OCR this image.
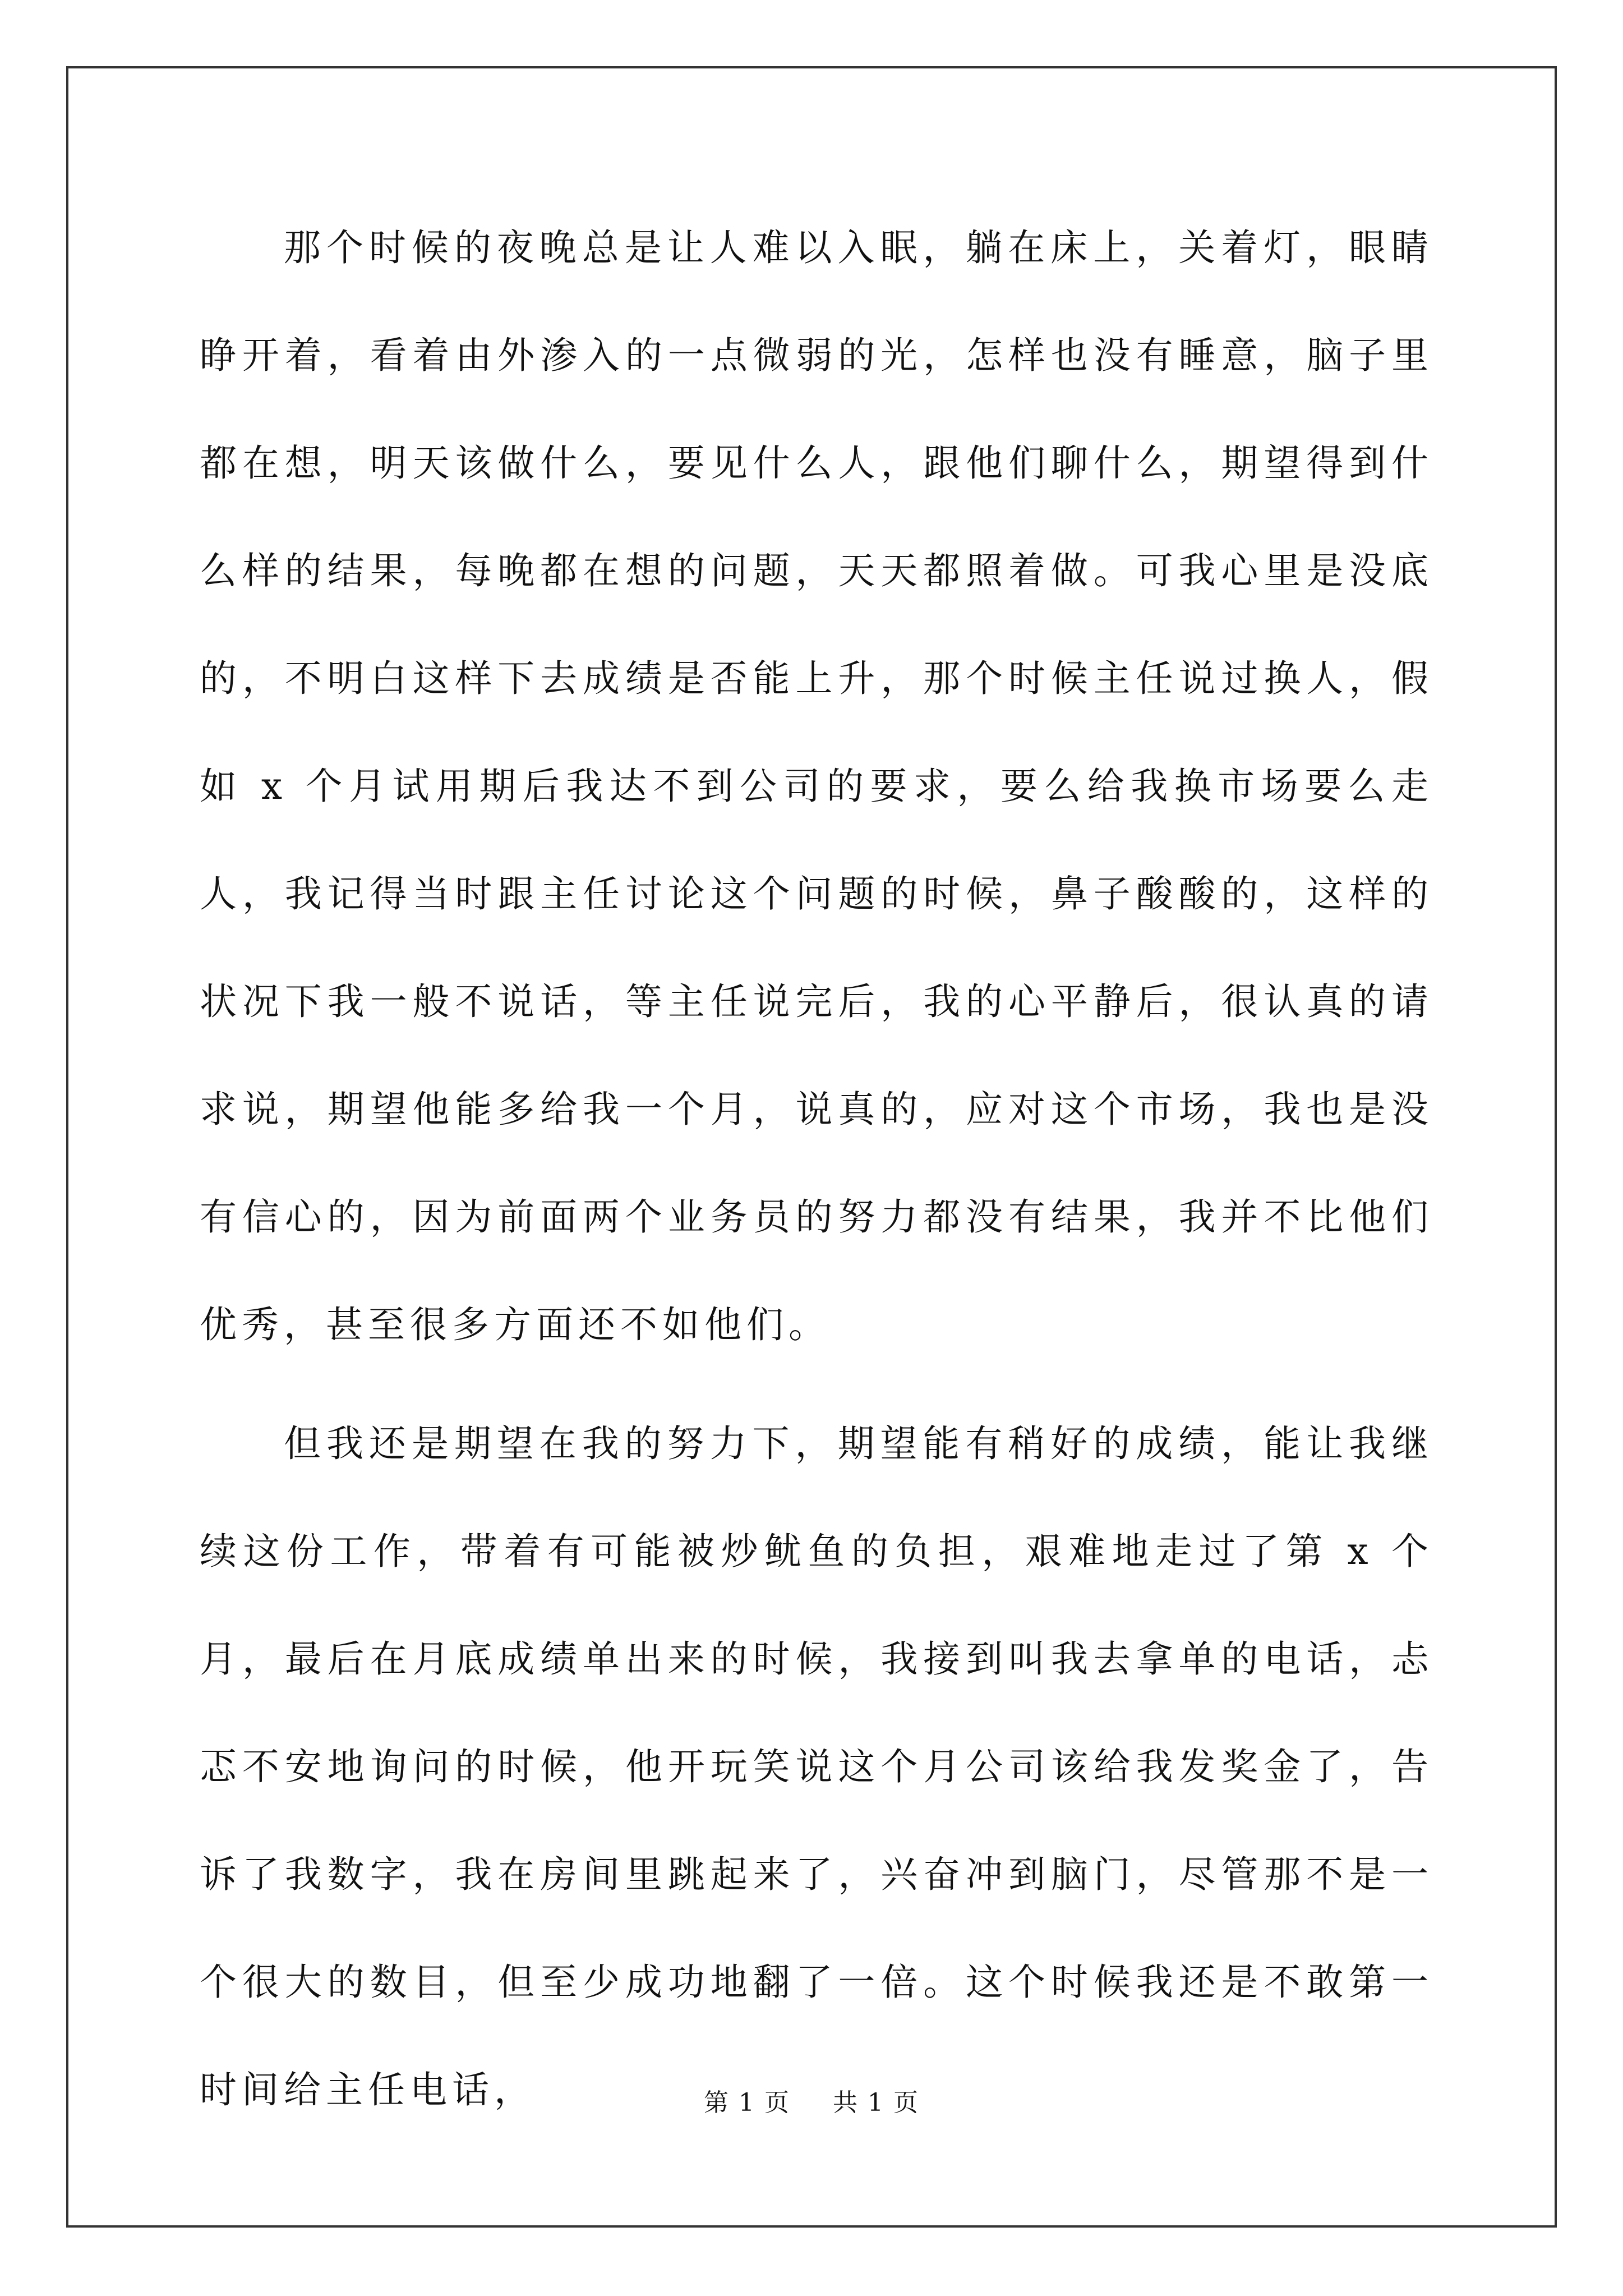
那个时候的夜晚总是让人难以入眠，躺在床上，关着灯，眼睛睁开着，看着由外渗入的一点微弱的光，怎样也没有睡意，脑子里都在想，明天该做什么，要见什么人，跟他们聊什么，期望得到什么样的结果，每晚都在想的问题，天天都照着做。可我心里是没底的，不明白这样下去成绩是否能上升，那个时候主任说过换人，假如 x 个月试用期后我达不到公司的要求，要么给我换市场要么走人，我记得当时跟主任讨论这个问题的时候，鼻子酸酸的，这样的状况下我一般不说话，等主任说完后，我的心平静后，很认真的请求说，期望他能多给我一个月，说真的，应对这个市场，我也是没有信心的，因为前面两个业务员的努力都没有结果，我并不比他们优秀，甚至很多方面还不如他们。

但我还是期望在我的努力下，期望能有稍好的成绩，能让我继续这份工作，带着有可能被炒鱿鱼的负担，艰难地走过了第 x 个月，最后在月底成绩单出来的时候，我接到叫我去拿单的电话，忐忑不安地询问的时候，他开玩笑说这个月公司该给我发奖金了，告诉了我数字，我在房间里跳起来了，兴奋冲到脑门，尽管那不是一个很大的数目，但至少成功地翻了一倍。这个时候我还是不敢第一时间给主任电话，	第 1 页 共 1 页
